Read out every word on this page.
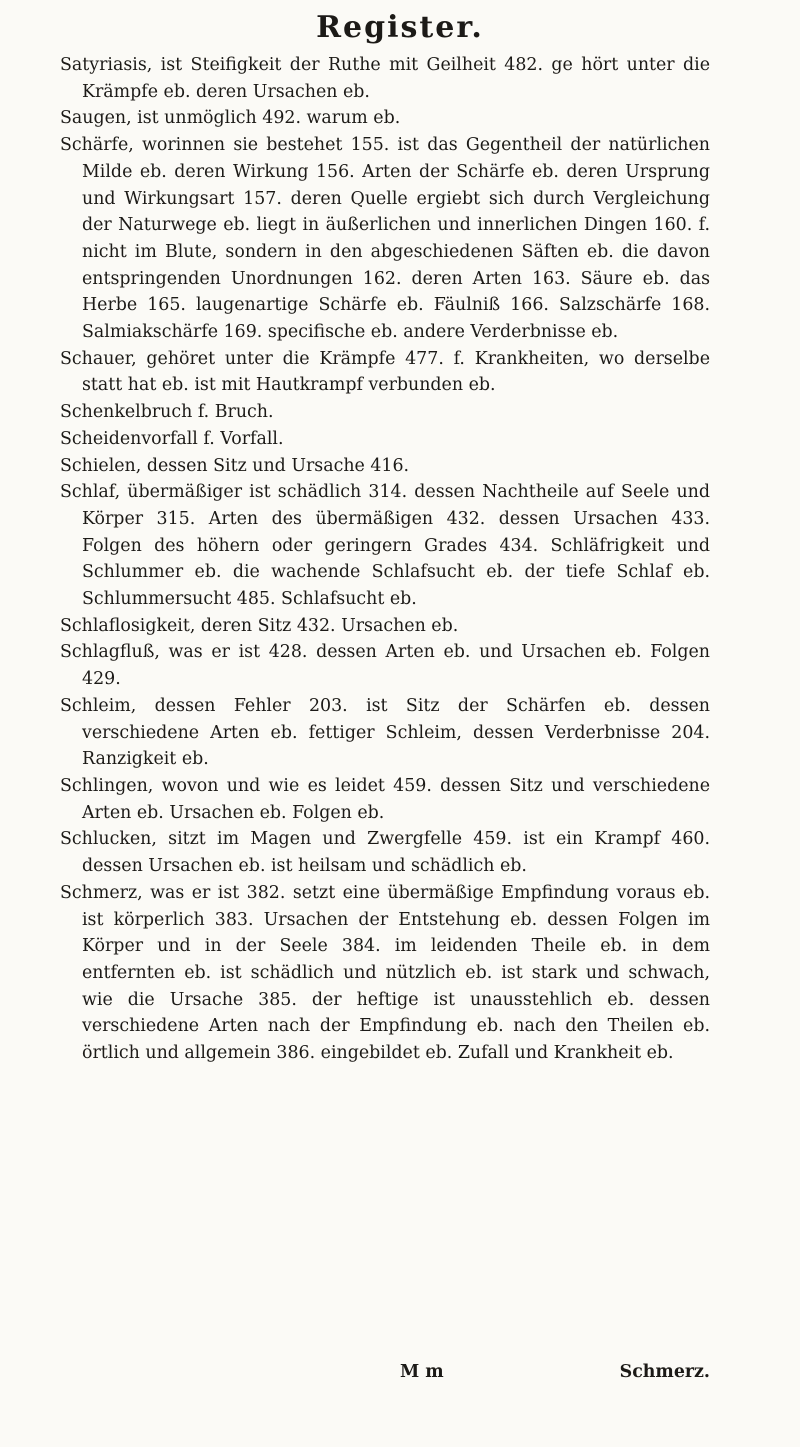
Register.

Satyriasis, ist Steifigkeit der Ruthe mit Geilheit 482. ge hört unter die Krämpfe eb. deren Ursachen eb.

Saugen, ist unmöglich 492. warum eb.

Schärfe, worinnen sie bestehet 155. ist das Gegentheil der natürlichen Milde eb. deren Wirkung 156. Arten der Schärfe eb. deren Ursprung und Wirkungsart 157. deren Quelle ergiebt sich durch Vergleichung der Naturwege eb. liegt in äußerlichen und innerlichen Dingen 160. f. nicht im Blute, sondern in den abgeschiedenen Säften eb. die davon entspringenden Unordnungen 162. deren Arten 163. Säure eb. das Herbe 165. laugenartige Schärfe eb. Fäulniß 166. Salzschärfe 168. Salmiakschärfe 169. specifische eb. andere Verderbnisse eb.

Schauer, gehöret unter die Krämpfe 477. f. Krankheiten, wo derselbe statt hat eb. ist mit Hautkrampf verbunden eb.

Schenkelbruch f. Bruch.

Scheidenvorfall f. Vorfall.

Schielen, dessen Sitz und Ursache 416.

Schlaf, übermäßiger ist schädlich 314. dessen Nachtheile auf Seele und Körper 315. Arten des übermäßigen 432. dessen Ursachen 433. Folgen des höhern oder geringern Grades 434. Schläfrigkeit und Schlummer eb. die wachende Schlafsucht eb. der tiefe Schlaf eb. Schlummersucht 485. Schlafsucht eb.

Schlaflosigkeit, deren Sitz 432. Ursachen eb.

Schlagfluß, was er ist 428. dessen Arten eb. und Ursachen eb. Folgen 429.

Schleim, dessen Fehler 203. ist Sitz der Schärfen eb. dessen verschiedene Arten eb. fettiger Schleim, dessen Verderbnisse 204. Ranzigkeit eb.

Schlingen, wovon und wie es leidet 459. dessen Sitz und verschiedene Arten eb. Ursachen eb. Folgen eb.

Schlucken, sitzt im Magen und Zwergfelle 459. ist ein Krampf 460. dessen Ursachen eb. ist heilsam und schädlich eb.

Schmerz, was er ist 382. setzt eine übermäßige Empfindung voraus eb. ist körperlich 383. Ursachen der Entstehung eb. dessen Folgen im Körper und in der Seele 384. im leidenden Theile eb. in dem entfernten eb. ist schädlich und nützlich eb. ist stark und schwach, wie die Ursache 385. der heftige ist unausstehlich eb. dessen verschiedene Arten nach der Empfindung eb. nach den Theilen eb. örtlich und allgemein 386. eingebildet eb. Zufall und Krankheit eb.

M m	Schmerz.
